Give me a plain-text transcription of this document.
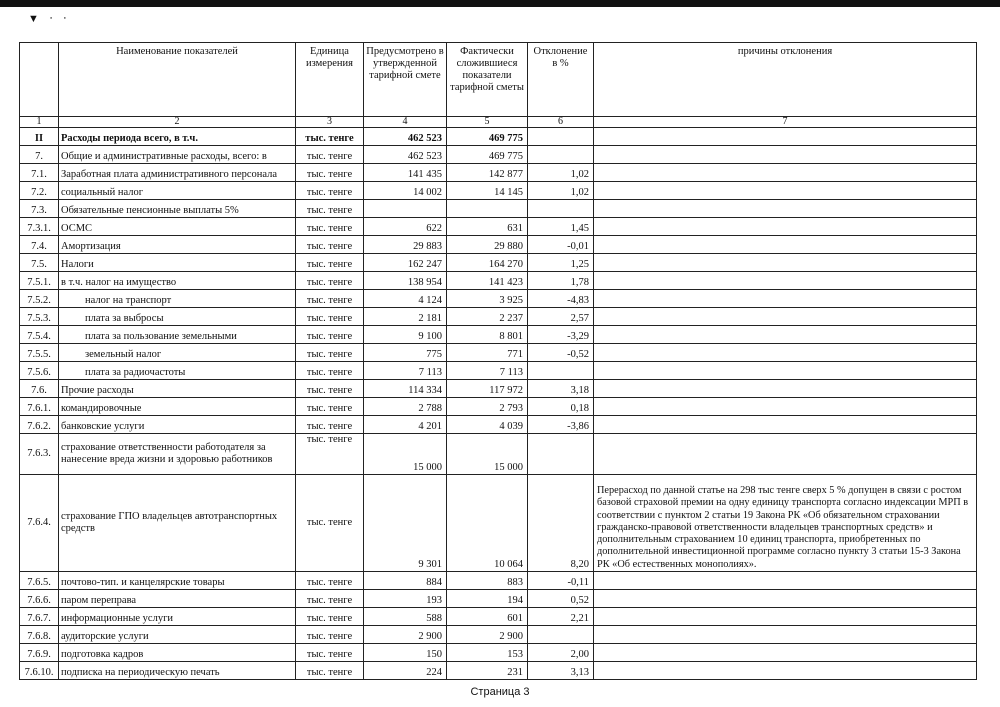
▼ ⸱ ⸱
	Наименование показателей	Единица измерения	Предусмотрено в утвержденной тарифной смете	Фактически сложившиеся показатели тарифной сметы	Отклонение в %	причины отклонения
1	2	3	4	5	6	7
II	Расходы периода всего, в т.ч.	тыс. тенге	462 523	469 775		
7.	Общие и административные расходы, всего: в	тыс. тенге	462 523	469 775		
7.1.	Заработная плата административного персонала	тыс. тенге	141 435	142 877	1,02	
7.2.	социальный налог	тыс. тенге	14 002	14 145	1,02	
7.3.	Обязательные пенсионные выплаты 5%	тыс. тенге				
7.3.1.	ОСМС	тыс. тенге	622	631	1,45	
7.4.	Амортизация	тыс. тенге	29 883	29 880	-0,01	
7.5.	Налоги	тыс. тенге	162 247	164 270	1,25	
7.5.1.	в т.ч. налог на имущество	тыс. тенге	138 954	141 423	1,78	
7.5.2.	налог на транспорт	тыс. тенге	4 124	3 925	-4,83	
7.5.3.	плата за выбросы	тыс. тенге	2 181	2 237	2,57	
7.5.4.	плата за пользование земельными	тыс. тенге	9 100	8 801	-3,29	
7.5.5.	земельный налог	тыс. тенге	775	771	-0,52	
7.5.6.	плата за радиочастоты	тыс. тенге	7 113	7 113		
7.6.	Прочие расходы	тыс. тенге	114 334	117 972	3,18	
7.6.1.	командировочные	тыс. тенге	2 788	2 793	0,18	
7.6.2.	банковские услуги	тыс. тенге	4 201	4 039	-3,86	
7.6.3.	страхование ответственности работодателя за нанесение вреда жизни и здоровью работников	тыс. тенге	15 000	15 000		
7.6.4.	страхование ГПО владельцев автотранспортных средств	тыс. тенге	9 301	10 064	8,20	Перерасход по данной статье на 298 тыс тенге сверх 5 % допущен в связи с ростом базовой страховой премии на одну единицу транспорта согласно индексации МРП в соответствии с пунктом 2 статьи 19 Закона РК «Об обязательном страховании гражданско-правовой ответственности владельцев транспортных средств» и дополнительным страхованием 10 единиц транспорта, приобретенных по дополнительной инвестиционной программе согласно пункту 3 статьи 15-3 Закона РК «Об естественных монополиях».
7.6.5.	почтово-тип. и канцелярские товары	тыс. тенге	884	883	-0,11	
7.6.6.	паром переправа	тыс. тенге	193	194	0,52	
7.6.7.	информационные услуги	тыс. тенге	588	601	2,21	
7.6.8.	аудиторские услуги	тыс. тенге	2 900	2 900		
7.6.9.	подготовка кадров	тыс. тенге	150	153	2,00	
7.6.10.	подписка на периодическую печать	тыс. тенге	224	231	3,13	
Страница 3
